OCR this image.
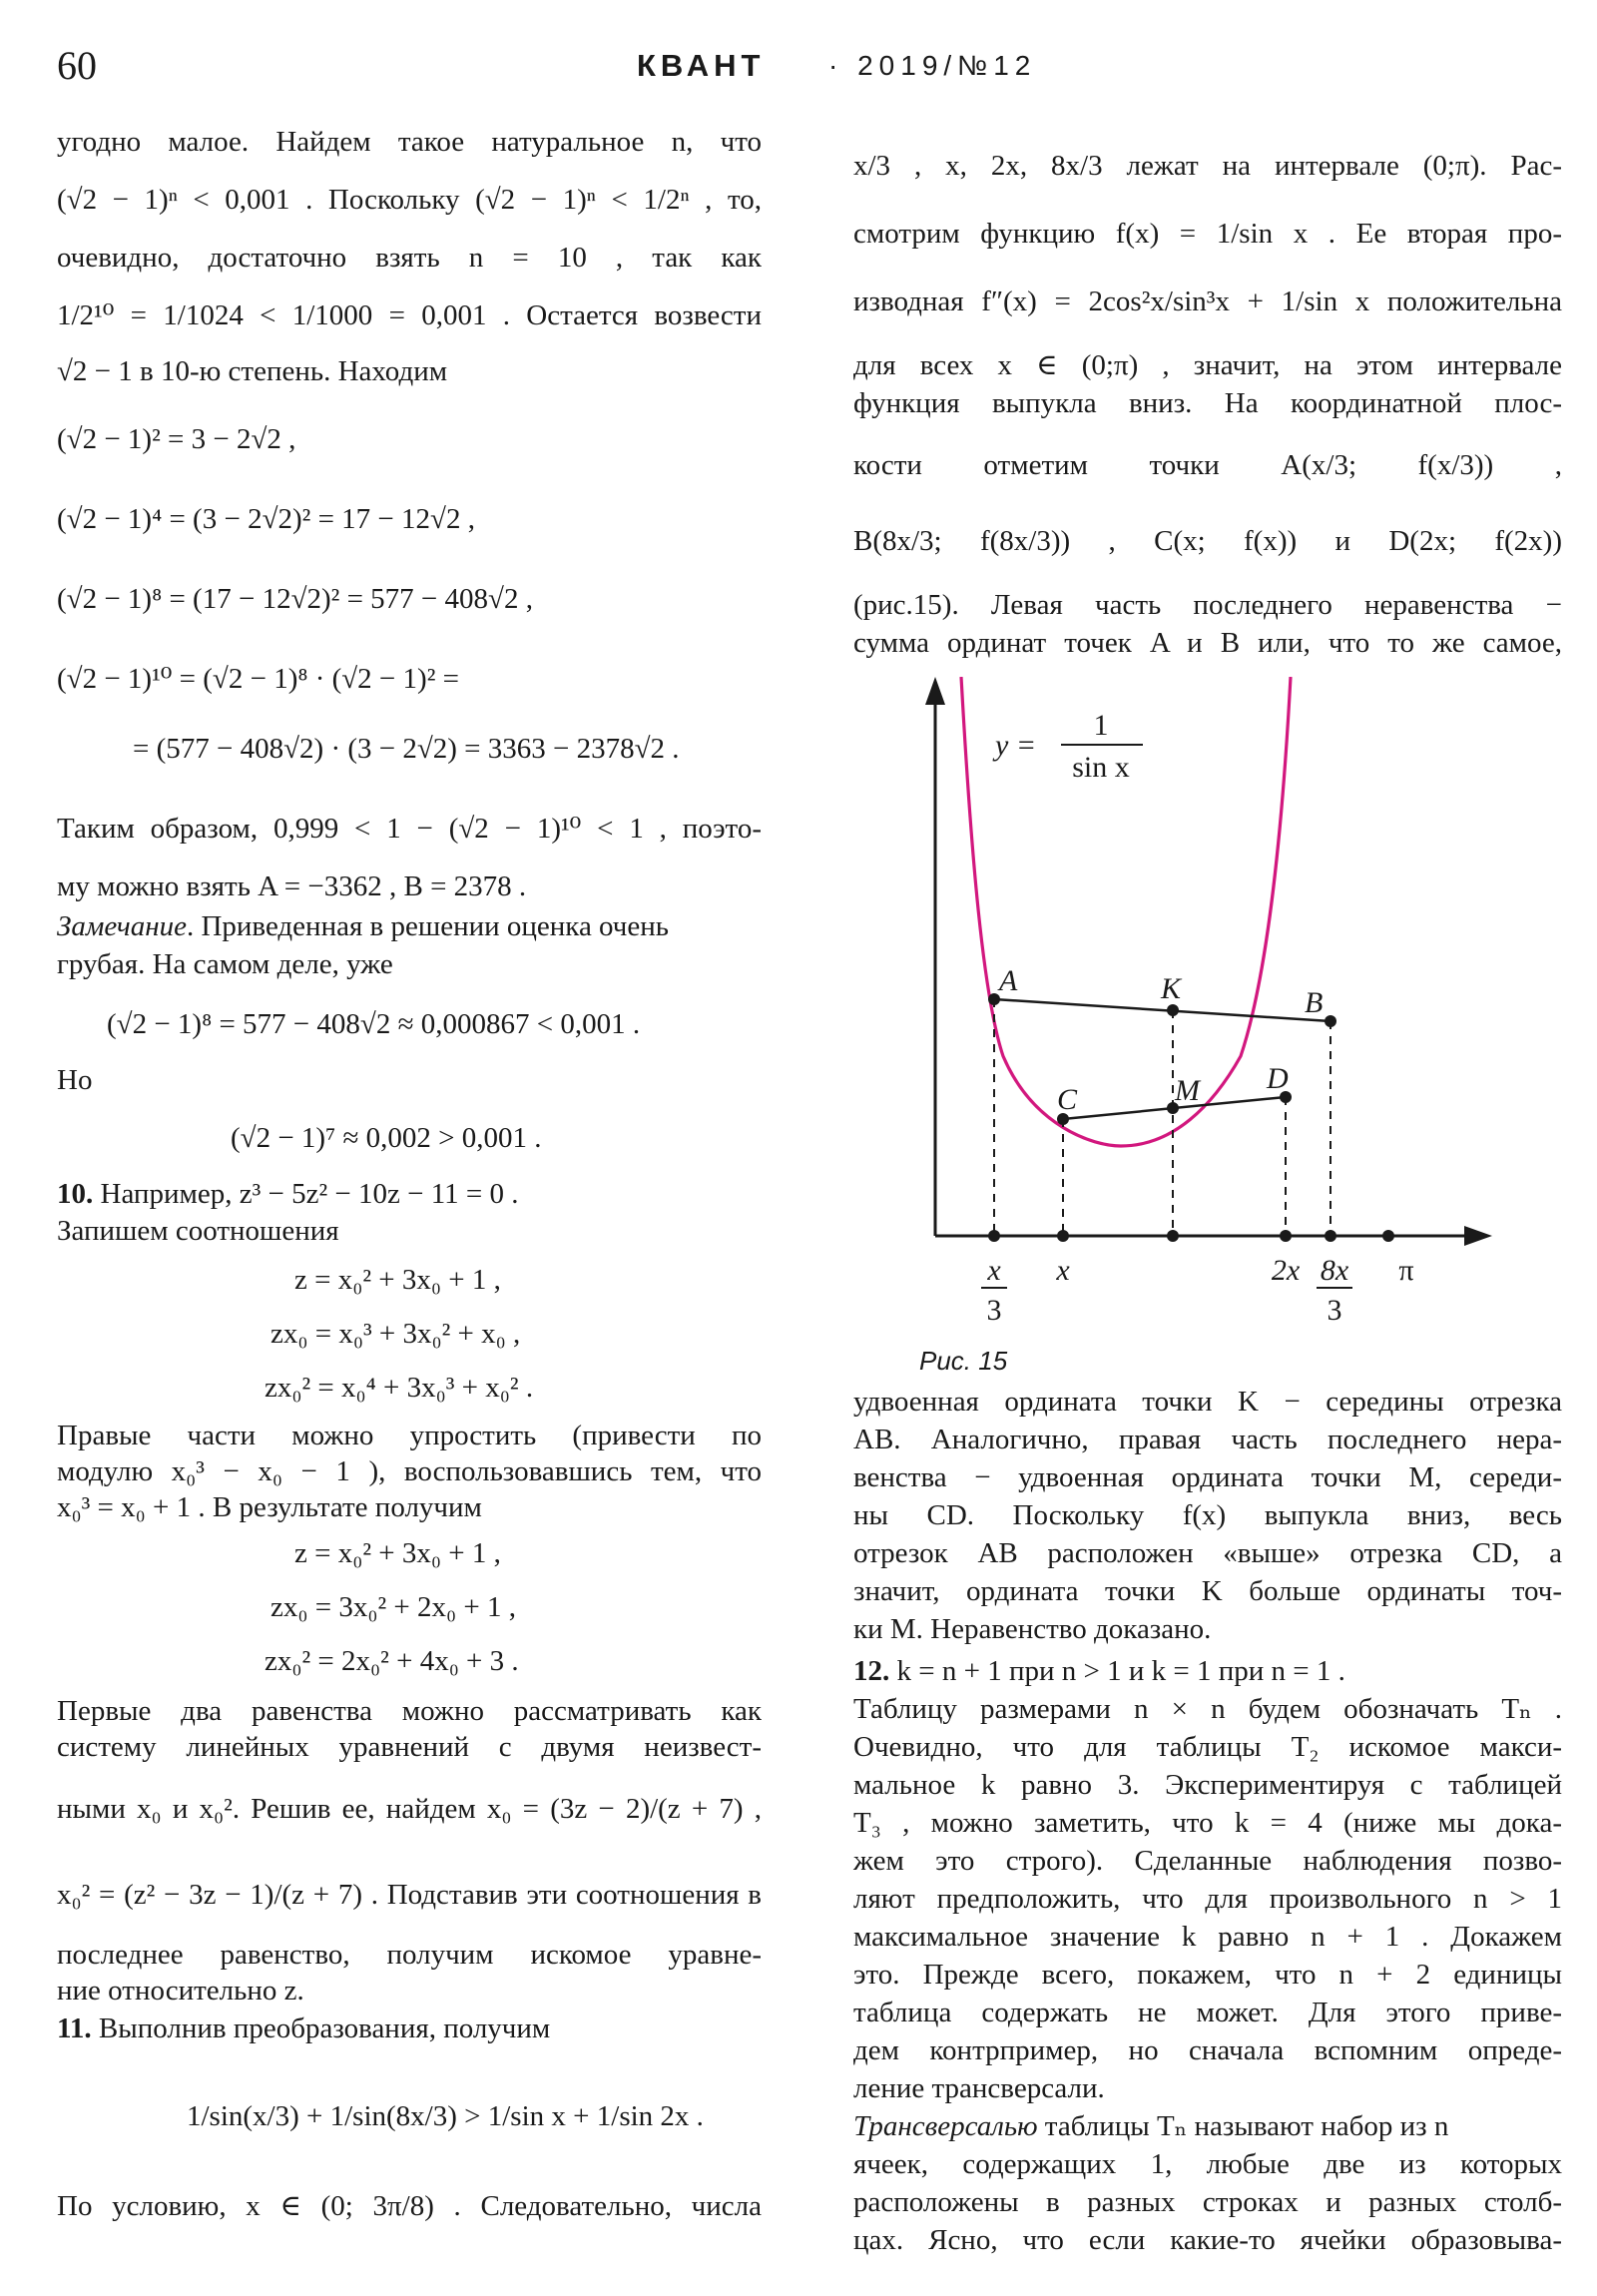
60	КВАНТ · 2019/№12
угодно малое. Найдем такое натуральное n, что
(√2 − 1)ⁿ < 0,001 . Поскольку (√2 − 1)ⁿ < 1/2ⁿ , то,
очевидно, достаточно взять n = 10 , так как
1/2¹⁰ = 1/1024 < 1/1000 = 0,001 . Остается возвести
√2 − 1 в 10-ю степень. Находим
(√2 − 1)² = 3 − 2√2 ,
(√2 − 1)⁴ = (3 − 2√2)² = 17 − 12√2 ,
(√2 − 1)⁸ = (17 − 12√2)² = 577 − 408√2 ,
(√2 − 1)¹⁰ = (√2 − 1)⁸ · (√2 − 1)² =
= (577 − 408√2) · (3 − 2√2) = 3363 − 2378√2 .
Таким образом, 0,999 < 1 − (√2 − 1)¹⁰ < 1 , поэто-
му можно взять A = −3362 , B = 2378 .
Замечание. Приведенная в решении оценка очень
грубая. На самом деле, уже
(√2 − 1)⁸ = 577 − 408√2 ≈ 0,000867 < 0,001 .
Но
(√2 − 1)⁷ ≈ 0,002 > 0,001 .
10. Например, z³ − 5z² − 10z − 11 = 0 .
Запишем соотношения
z = x₀² + 3x₀ + 1 ,
zx₀ = x₀³ + 3x₀² + x₀ ,
zx₀² = x₀⁴ + 3x₀³ + x₀² .
Правые части можно упростить (привести по
модулю x₀³ − x₀ − 1 ), воспользовавшись тем, что
x₀³ = x₀ + 1 . В результате получим
z = x₀² + 3x₀ + 1 ,
zx₀ = 3x₀² + 2x₀ + 1 ,
zx₀² = 2x₀² + 4x₀ + 3 .
Первые два равенства можно рассматривать как
систему линейных уравнений с двумя неизвест-
ными x₀ и x₀². Решив ее, найдем x₀ = (3z − 2)/(z + 7) ,
x₀² = (z² − 3z − 1)/(z + 7) . Подставив эти соотношения в
последнее равенство, получим искомое уравне-
ние относительно z.
11. Выполнив преобразования, получим
1/sin(x/3) + 1/sin(8x/3) > 1/sin x + 1/sin 2x .
По условию, x ∈ (0; 3π/8) . Следовательно, числа
x/3 , x, 2x, 8x/3 лежат на интервале (0;π). Рас-
смотрим функцию f(x) = 1/sin x . Ее вторая про-
изводная f″(x) = 2cos²x/sin³x + 1/sin x положительна
для всех x ∈ (0;π) , значит, на этом интервале
функция выпукла вниз. На координатной плос-
кости отметим точки A(x/3; f(x/3)) ,
B(8x/3; f(8x/3)) , C(x; f(x)) и D(2x; f(2x))
(рис.15). Левая часть последнего неравенства −
сумма ординат точек A и B или, что то же самое,
A	K	B
C	M D
y =
1
sin x
x
3
x	2x 8x
3
π
Рис. 15
удвоенная ордината точки K − середины отрезка
AB. Аналогично, правая часть последнего нера-
венства − удвоенная ордината точки M, середи-
ны CD. Поскольку f(x) выпукла вниз, весь
отрезок AB расположен «выше» отрезка CD, а
значит, ордината точки K больше ординаты точ-
ки M. Неравенство доказано.
12. k = n + 1 при n > 1 и k = 1 при n = 1 .
Таблицу размерами n × n будем обозначать Tₙ .
Очевидно, что для таблицы T₂ искомое макси-
мальное k равно 3. Экспериментируя с таблицей
T₃ , можно заметить, что k = 4 (ниже мы дока-
жем это строго). Сделанные наблюдения позво-
ляют предположить, что для произвольного n > 1
максимальное значение k равно n + 1 . Докажем
это. Прежде всего, покажем, что n + 2 единицы
таблица содержать не может. Для этого приве-
дем контрпример, но сначала вспомним опреде-
ление трансверсали.
Трансверсалью таблицы Tₙ называют набор из n
ячеек, содержащих 1, любые две из которых
расположены в разных строках и разных столб-
цах. Ясно, что если какие-то ячейки образовыва-
